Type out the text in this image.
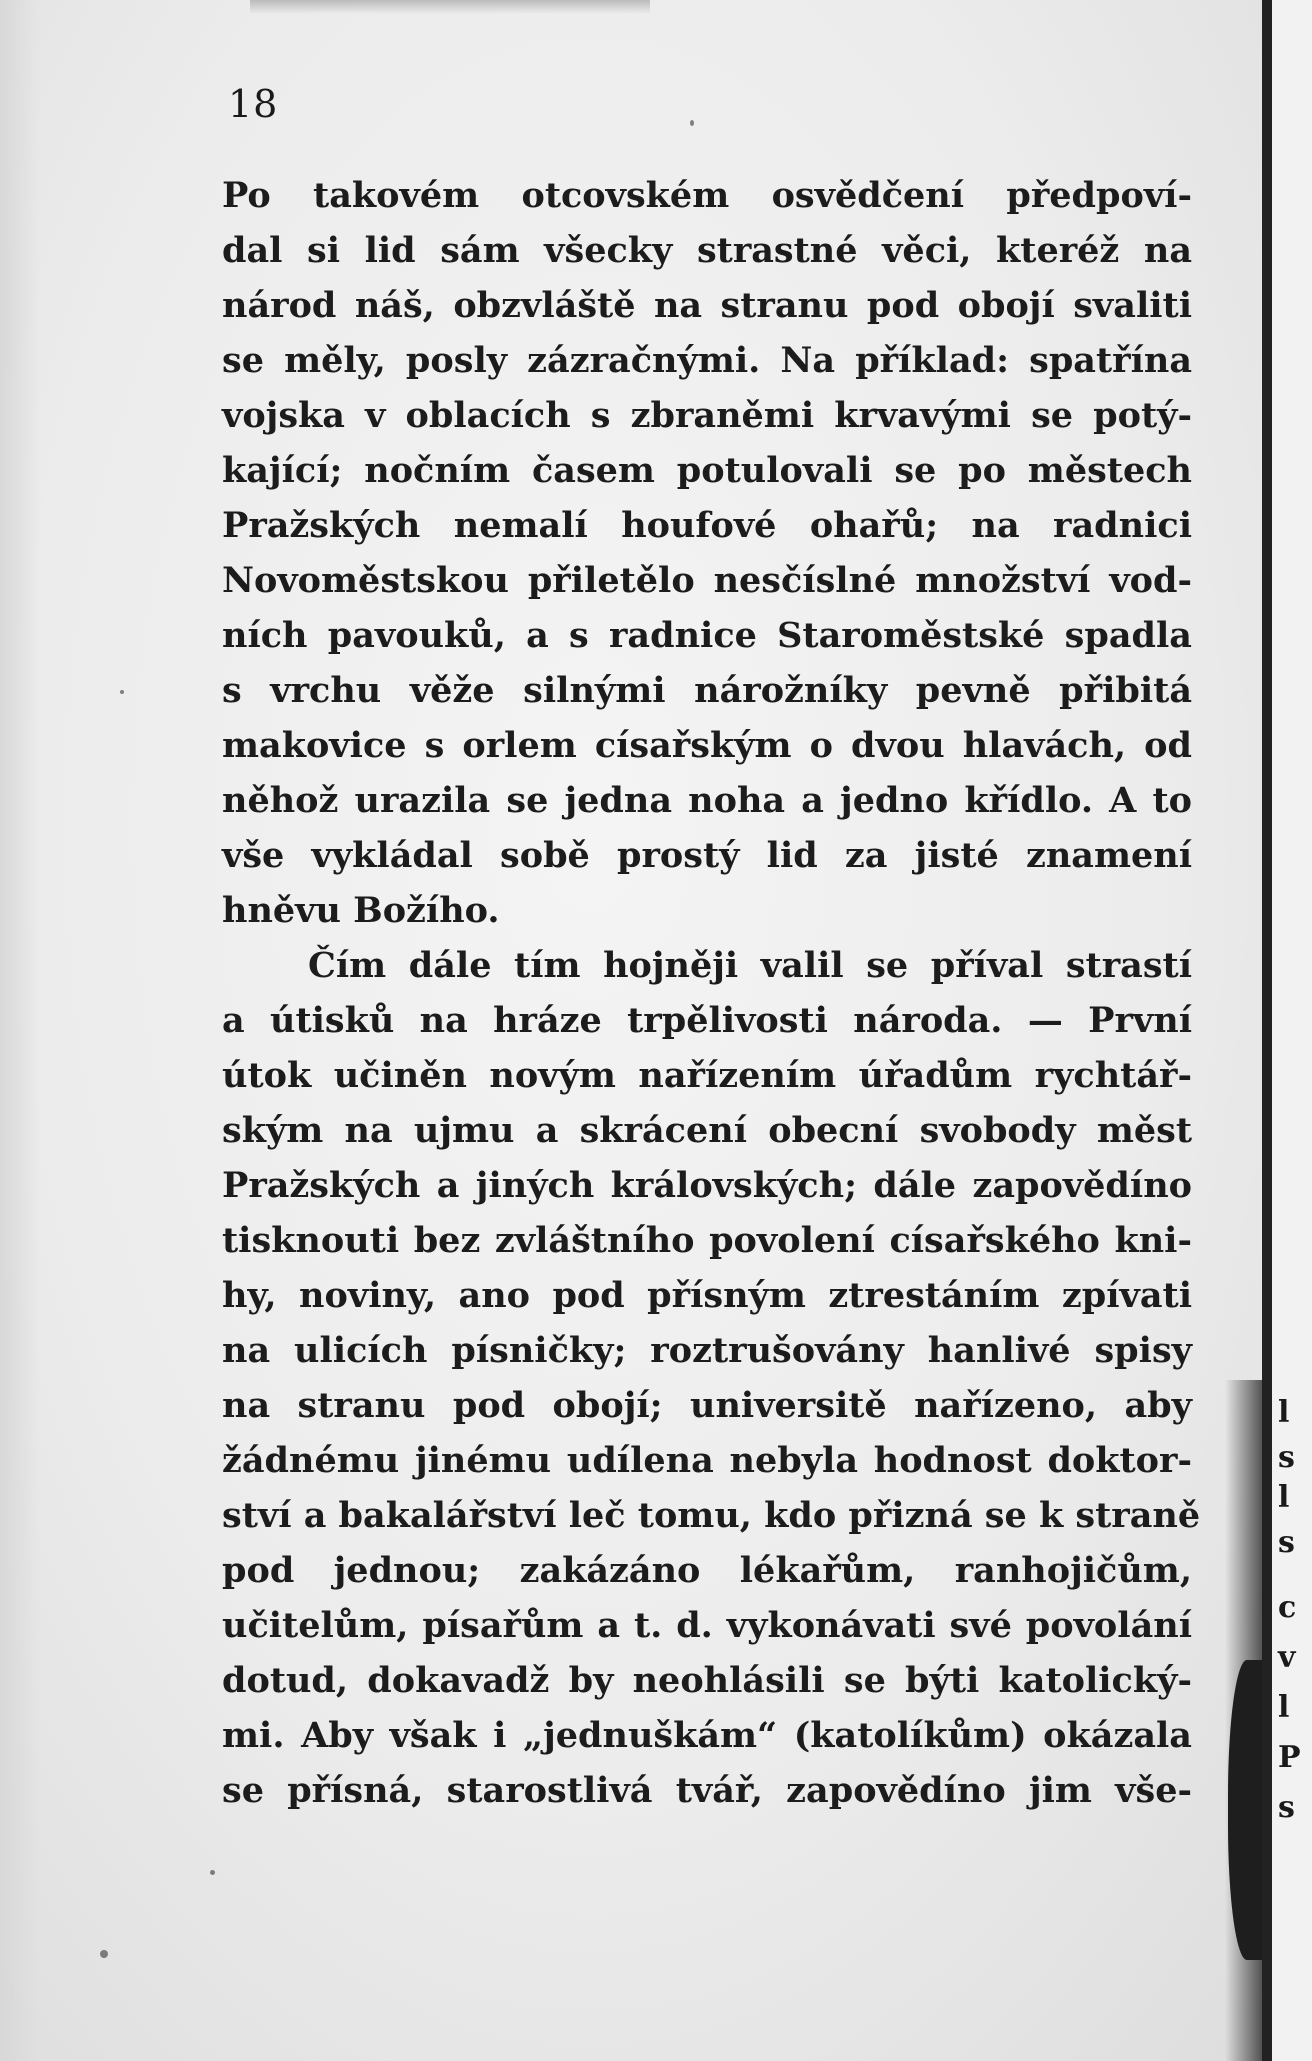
18
Po takovém otcovském osvědčení předpoví-
dal si lid sám všecky strastné věci, kteréž na
národ náš, obzvláště na stranu pod obojí svaliti
se měly, posly zázračnými. Na příklad: spatřína
vojska v oblacích s zbraněmi krvavými se potý-
kající; nočním časem potulovali se po městech
Pražských nemalí houfové ohařů; na radnici
Novoměstskou přiletělo nesčíslné množství vod-
ních pavouků, a s radnice Staroměstské spadla
s vrchu věže silnými nárožníky pevně přibitá
makovice s orlem císařským o dvou hlavách, od
něhož urazila se jedna noha a jedno křídlo. A to
vše vykládal sobě prostý lid za jisté znamení
hněvu Božího.
Čím dále tím hojněji valil se příval strastí
a útisků na hráze trpělivosti národa. — První
útok učiněn novým nařízením úřadům rychtář-
ským na ujmu a skrácení obecní svobody měst
Pražských a jiných královských; dále zapovědíno
tisknouti bez zvláštního povolení císařského kni-
hy, noviny, ano pod přísným ztrestáním zpívati
na ulicích písničky; roztrušovány hanlivé spisy
na stranu pod obojí; universitě nařízeno, aby
žádnému jinému udílena nebyla hodnost doktor-
ství a bakalářství leč tomu, kdo přizná se k straně
pod jednou; zakázáno lékařům, ranhojičům,
učitelům, písařům a t. d. vykonávati své povolání
dotud, dokavadž by neohlásili se býti katolický-
mi. Aby však i „jednuškám“ (katolíkům) okázala
se přísná, starostlivá tvář, zapovědíno jim vše-
l
s
l
s
c
v
l
P
s
